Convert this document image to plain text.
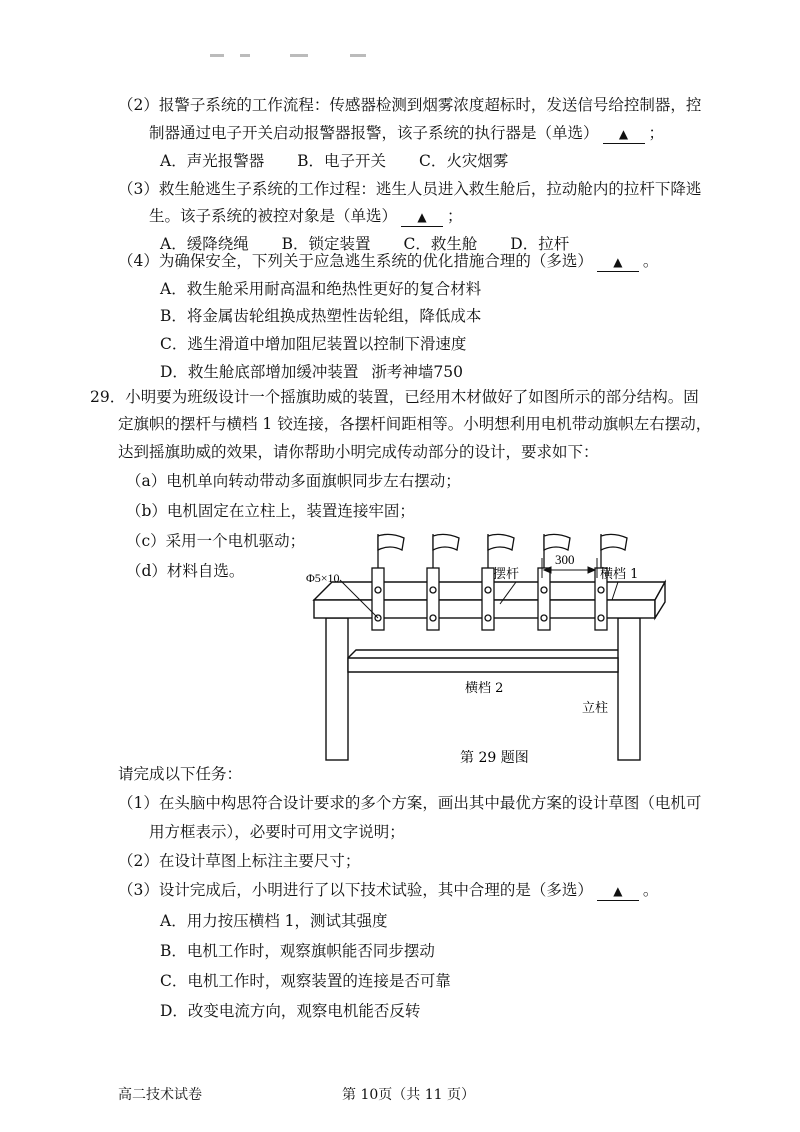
（2）报警子系统的工作流程：传感器检测到烟雾浓度超标时，发送信号给控制器，控
制器通过电子开关启动报警器报警，该子系统的执行器是（单选） ▲ ；
A．声光报警器 B．电子开关 C．火灾烟雾
（3）救生舱逃生子系统的工作过程：逃生人员进入救生舱后，拉动舱内的拉杆下降逃
生。该子系统的被控对象是（单选） ▲ ；
A．缓降绕绳 B．锁定装置 C．救生舱 D．拉杆
（4）为确保安全，下列关于应急逃生系统的优化措施合理的（多选） ▲ 。
A．救生舱采用耐高温和绝热性更好的复合材料
B．将金属齿轮组换成热塑性齿轮组，降低成本
C．逃生滑道中增加阻尼装置以控制下滑速度
D．救生舱底部增加缓冲装置 浙考神墙750
29．小明要为班级设计一个摇旗助威的装置，已经用木材做好了如图所示的部分结构。固
定旗帜的摆杆与横档 1 铰连接，各摆杆间距相等。小明想利用电机带动旗帜左右摆动，
达到摇旗助威的效果，请你帮助小明完成传动部分的设计，要求如下：
（a）电机单向转动带动多面旗帜同步左右摆动；
（b）电机固定在立柱上，装置连接牢固；
（c）采用一个电机驱动；
（d）材料自选。	Φ5×10	摆杆
300
横档 1
横档 2
立柱
第 29 题图
请完成以下任务：
（1）在头脑中构思符合设计要求的多个方案，画出其中最优方案的设计草图（电机可
用方框表示），必要时可用文字说明；
（2）在设计草图上标注主要尺寸；
（3）设计完成后，小明进行了以下技术试验，其中合理的是（多选） ▲ 。
A．用力按压横档 1，测试其强度
B．电机工作时，观察旗帜能否同步摆动
C．电机工作时，观察装置的连接是否可靠
D．改变电流方向，观察电机能否反转
高二技术试卷	第 10页（共 11 页）
